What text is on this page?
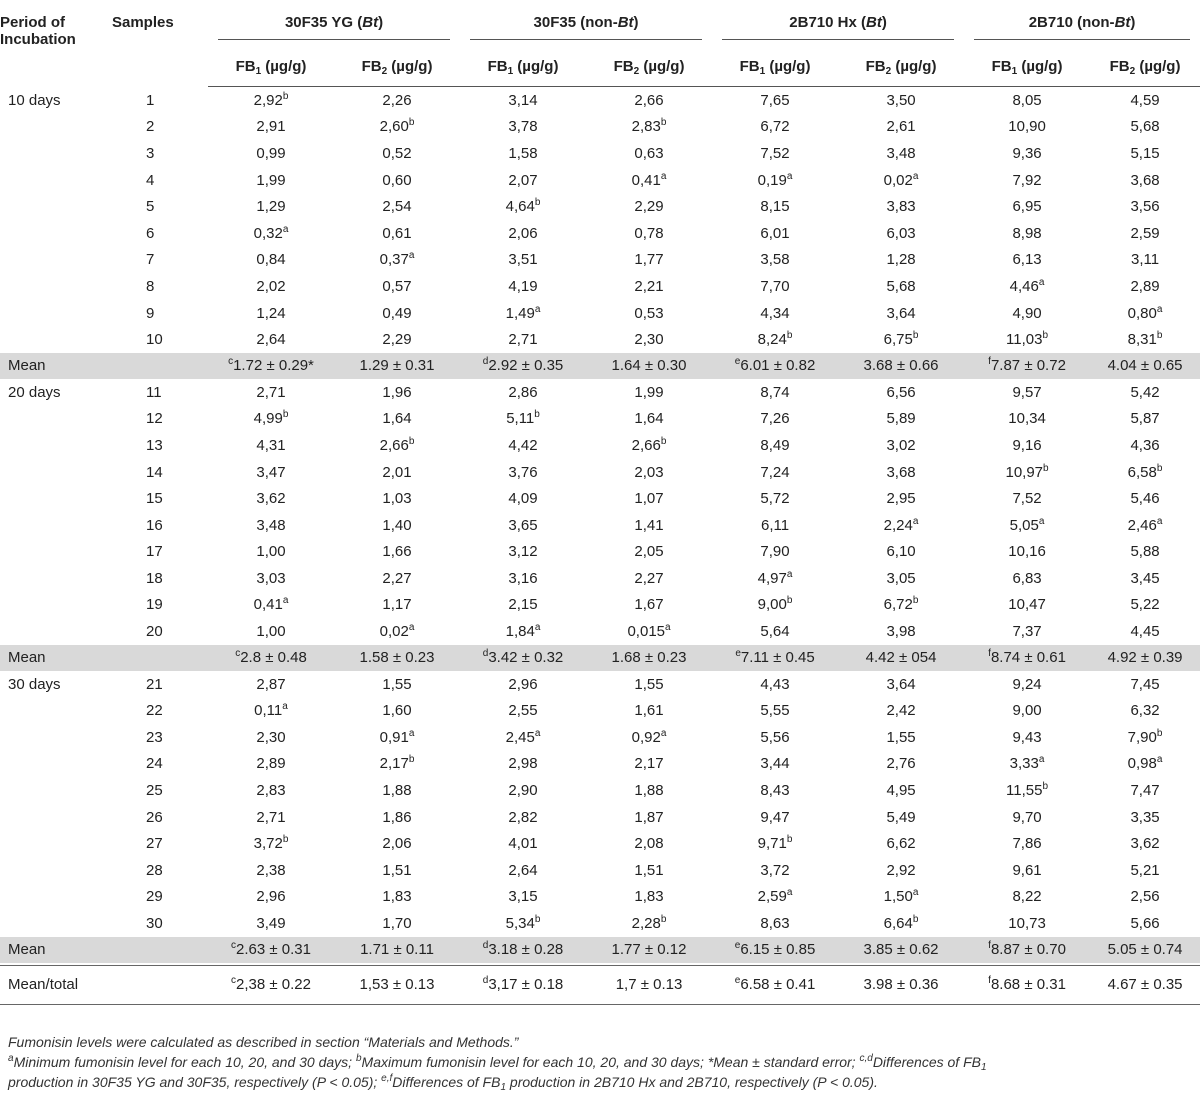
Period of
Incubation	Samples	30F35 YG (Bt)		30F35 (non-Bt)		2B710 Hx (Bt)		2B710 (non-Bt)	

		$FB_1$ (µg/g)	$FB_2$ (µg/g)	$FB_1$ (µg/g)	$FB_2$ (µg/g)	$FB_1$ (µg/g)	$FB_2$ (µg/g)	$FB_1$ (µg/g)	$FB_2$ (µg/g)
10 days	1	2,92$^b$	2,26	3,14	2,66	7,65	3,50	8,05	4,59
	2	2,91	2,60$^b$	3,78	2,83$^b$	6,72	2,61	10,90	5,68
	3	0,99	0,52	1,58	0,63	7,52	3,48	9,36	5,15
	4	1,99	0,60	2,07	0,41$^a$	0,19$^a$	0,02$^a$	7,92	3,68
	5	1,29	2,54	4,64$^b$	2,29	8,15	3,83	6,95	3,56
	6	0,32$^a$	0,61	2,06	0,78	6,01	6,03	8,98	2,59
	7	0,84	0,37$^a$	3,51	1,77	3,58	1,28	6,13	3,11
	8	2,02	0,57	4,19	2,21	7,70	5,68	4,46$^a$	2,89
	9	1,24	0,49	1,49$^a$	0,53	4,34	3,64	4,90	0,80$^a$
	10	2,64	2,29	2,71	2,30	8,24$^b$	6,75$^b$	11,03$^b$	8,31$^b$
Mean		$^c$1.72 ± 0.29*	1.29 ± 0.31	$^d$2.92 ± 0.35	1.64 ± 0.30	$^e$6.01 ± 0.82	3.68 ± 0.66	$^f$7.87 ± 0.72	4.04 ± 0.65
20 days	11	2,71	1,96	2,86	1,99	8,74	6,56	9,57	5,42
	12	4,99$^b$	1,64	5,11$^b$	1,64	7,26	5,89	10,34	5,87
	13	4,31	2,66$^b$	4,42	2,66$^b$	8,49	3,02	9,16	4,36
	14	3,47	2,01	3,76	2,03	7,24	3,68	10,97$^b$	6,58$^b$
	15	3,62	1,03	4,09	1,07	5,72	2,95	7,52	5,46
	16	3,48	1,40	3,65	1,41	6,11	2,24$^a$	5,05$^a$	2,46$^a$
	17	1,00	1,66	3,12	2,05	7,90	6,10	10,16	5,88
	18	3,03	2,27	3,16	2,27	4,97$^a$	3,05	6,83	3,45
	19	0,41$^a$	1,17	2,15	1,67	9,00$^b$	6,72$^b$	10,47	5,22
	20	1,00	0,02$^a$	1,84$^a$	0,015$^a$	5,64	3,98	7,37	4,45
Mean		$^c$2.8 ± 0.48	1.58 ± 0.23	$^d$3.42 ± 0.32	1.68 ± 0.23	$^e$7.11 ± 0.45	4.42 ± 054	$^f$8.74 ± 0.61	4.92 ± 0.39
30 days	21	2,87	1,55	2,96	1,55	4,43	3,64	9,24	7,45
	22	0,11$^a$	1,60	2,55	1,61	5,55	2,42	9,00	6,32
	23	2,30	0,91$^a$	2,45$^a$	0,92$^a$	5,56	1,55	9,43	7,90$^b$
	24	2,89	2,17$^b$	2,98	2,17	3,44	2,76	3,33$^a$	0,98$^a$
	25	2,83	1,88	2,90	1,88	8,43	4,95	11,55$^b$	7,47
	26	2,71	1,86	2,82	1,87	9,47	5,49	9,70	3,35
	27	3,72$^b$	2,06	4,01	2,08	9,71$^b$	6,62	7,86	3,62
	28	2,38	1,51	2,64	1,51	3,72	2,92	9,61	5,21
	29	2,96	1,83	3,15	1,83	2,59$^a$	1,50$^a$	8,22	2,56
	30	3,49	1,70	5,34$^b$	2,28$^b$	8,63	6,64$^b$	10,73	5,66
Mean		$^c$2.63 ± 0.31	1.71 ± 0.11	$^d$3.18 ± 0.28	1.77 ± 0.12	$^e$6.15 ± 0.85	3.85 ± 0.62	$^f$8.87 ± 0.70	5.05 ± 0.74

Mean/total		$^c$2,38 ± 0.22	1,53 ± 0.13	$^d$3,17 ± 0.18	1,7 ± 0.13	$^e$6.58 ± 0.41	3.98 ± 0.36	$^f$8.68 ± 0.31	4.67 ± 0.35
Fumonisin levels were calculated as described in section “Materials and Methods.”
$^a$Minimum fumonisin level for each 10, 20, and 30 days; $^b$Maximum fumonisin level for each 10, 20, and 30 days; *Mean ± standard error; $^{c,d}$Differences of $FB_1$
production in 30F35 YG and 30F35, respectively (P < 0.05); $^{e,f}$Differences of $FB_1$ production in 2B710 Hx and 2B710, respectively (P < 0.05).
